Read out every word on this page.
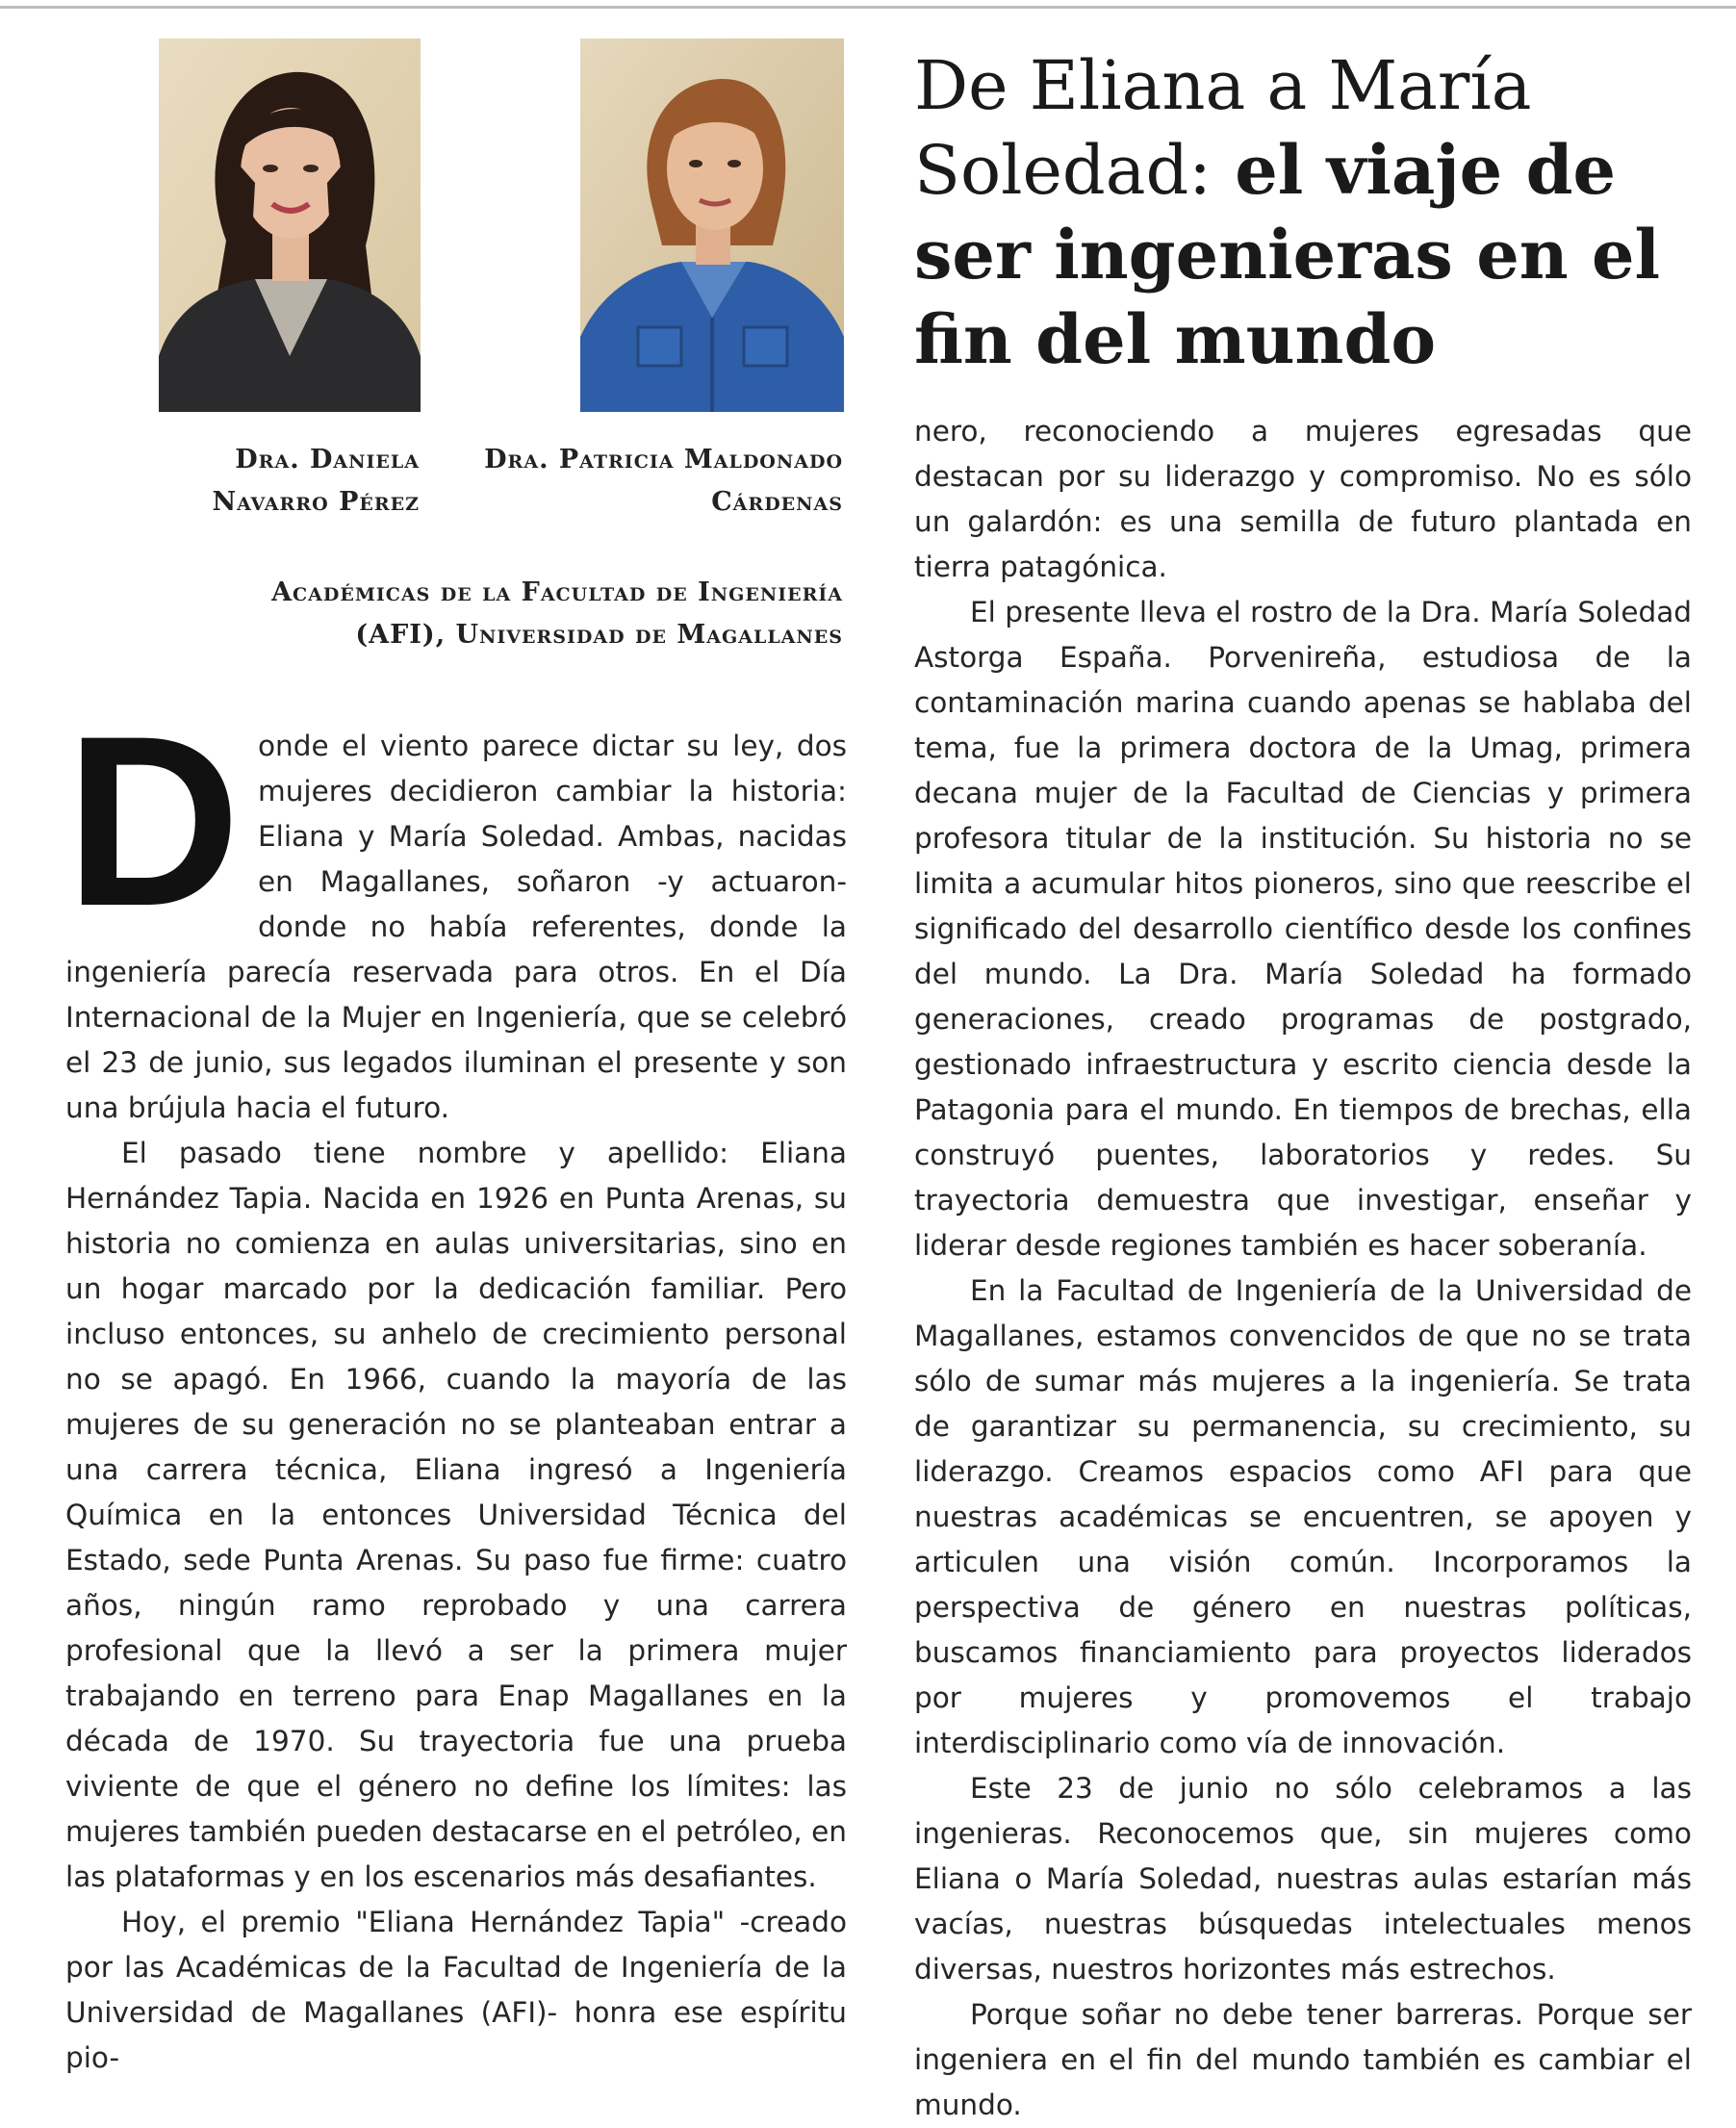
Dra. Daniela Navarro Pérez
Dra. Patricia Maldonado Cárdenas
Académicas de la Facultad de Ingeniería (AFI), Universidad de Magallanes
De Eliana a María Soledad: el viaje de ser ingenieras en el fin del mundo

Donde el viento parece dictar su ley, dos mujeres decidieron cambiar la historia: Eliana y María Soledad. Ambas, nacidas en Magallanes, soñaron -y actuaron- donde no había referentes, donde la ingeniería parecía reservada para otros. En el Día Internacional de la Mujer en Ingeniería, que se celebró el 23 de junio, sus legados iluminan el presente y son una brújula hacia el futuro.

El pasado tiene nombre y apellido: Eliana Hernández Tapia. Nacida en 1926 en Punta Arenas, su historia no comienza en aulas universitarias, sino en un hogar marcado por la dedicación familiar. Pero incluso entonces, su anhelo de crecimiento personal no se apagó. En 1966, cuando la mayoría de las mujeres de su generación no se planteaban entrar a una carrera técnica, Eliana ingresó a Ingeniería Química en la entonces Universidad Técnica del Estado, sede Punta Arenas. Su paso fue firme: cuatro años, ningún ramo reprobado y una carrera profesional que la llevó a ser la primera mujer trabajando en terreno para Enap Magallanes en la década de 1970. Su trayectoria fue una prueba viviente de que el género no define los límites: las mujeres también pueden destacarse en el petróleo, en las plataformas y en los escenarios más desafiantes.

Hoy, el premio "Eliana Hernández Tapia" -creado por las Académicas de la Facultad de Ingeniería de la Universidad de Magallanes (AFI)- honra ese espíritu pio-

nero, reconociendo a mujeres egresadas que destacan por su liderazgo y compromiso. No es sólo un galardón: es una semilla de futuro plantada en tierra patagónica.

El presente lleva el rostro de la Dra. María Soledad Astorga España. Porvenireña, estudiosa de la contaminación marina cuando apenas se hablaba del tema, fue la primera doctora de la Umag, primera decana mujer de la Facultad de Ciencias y primera profesora titular de la institución. Su historia no se limita a acumular hitos pioneros, sino que reescribe el significado del desarrollo científico desde los confines del mundo. La Dra. María Soledad ha formado generaciones, creado programas de postgrado, gestionado infraestructura y escrito ciencia desde la Patagonia para el mundo. En tiempos de brechas, ella construyó puentes, laboratorios y redes. Su trayectoria demuestra que investigar, enseñar y liderar desde regiones también es hacer soberanía.

En la Facultad de Ingeniería de la Universidad de Magallanes, estamos convencidos de que no se trata sólo de sumar más mujeres a la ingeniería. Se trata de garantizar su permanencia, su crecimiento, su liderazgo. Creamos espacios como AFI para que nuestras académicas se encuentren, se apoyen y articulen una visión común. Incorporamos la perspectiva de género en nuestras políticas, buscamos financiamiento para proyectos liderados por mujeres y promovemos el trabajo interdisciplinario como vía de innovación.

Este 23 de junio no sólo celebramos a las ingenieras. Reconocemos que, sin mujeres como Eliana o María Soledad, nuestras aulas estarían más vacías, nuestras búsquedas intelectuales menos diversas, nuestros horizontes más estrechos.

Porque soñar no debe tener barreras. Porque ser ingeniera en el fin del mundo también es cambiar el mundo.
